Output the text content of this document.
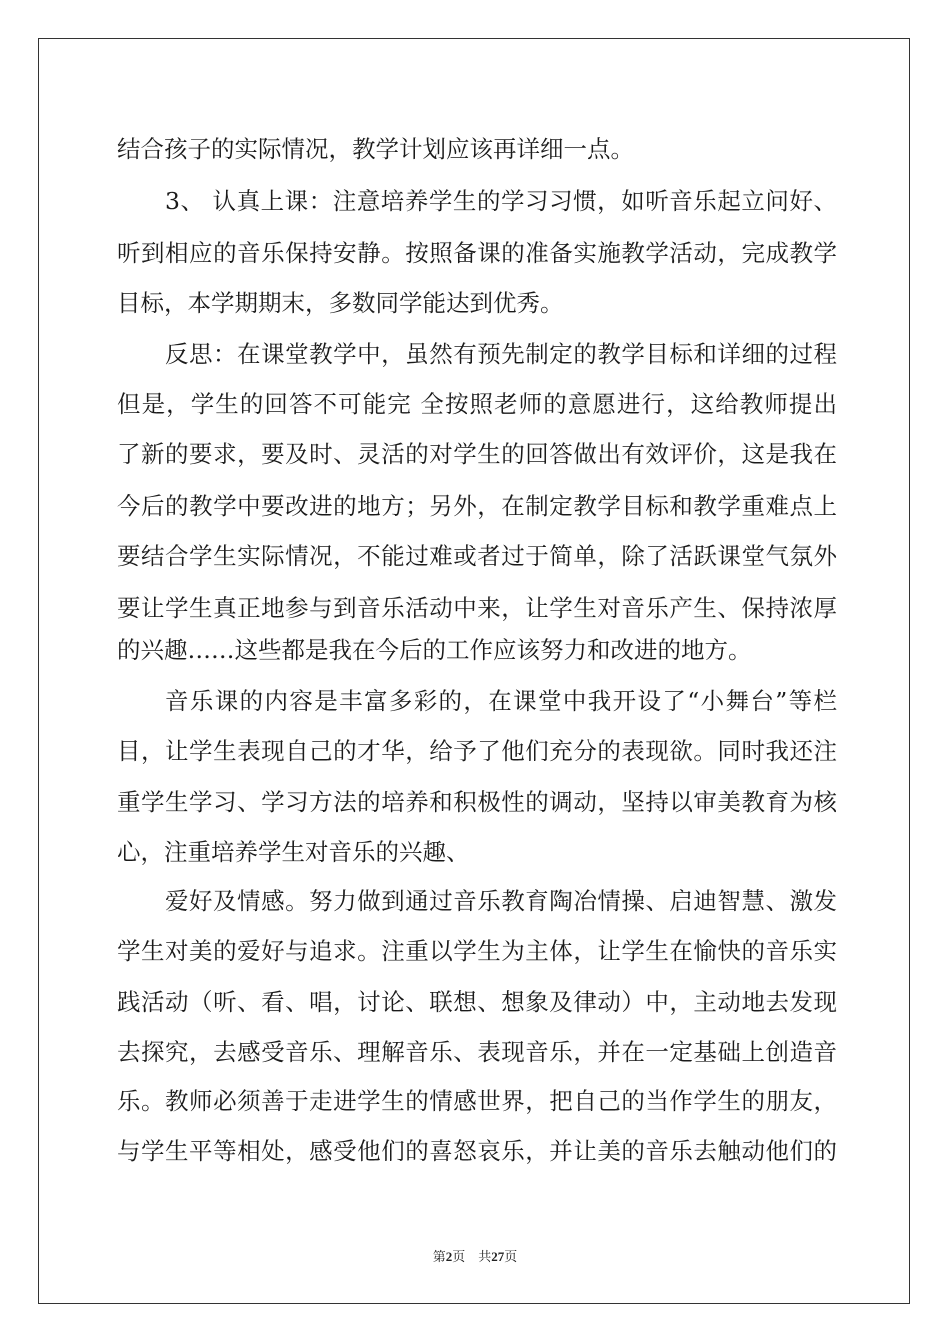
结合孩子的实际情况，教学计划应该再详细一点。
3、 认真上课：注意培养学生的学习习惯，如听音乐起立问好、
听到相应的音乐保持安静。按照备课的准备实施教学活动，完成教学
目标，本学期期末，多数同学能达到优秀。
反思：在课堂教学中，虽然有预先制定的教学目标和详细的过程
但是，学生的回答不可能完 全按照老师的意愿进行，这给教师提出
了新的要求，要及时、灵活的对学生的回答做出有效评价，这是我在
今后的教学中要改进的地方；另外，在制定教学目标和教学重难点上
要结合学生实际情况，不能过难或者过于简单，除了活跃课堂气氛外
要让学生真正地参与到音乐活动中来，让学生对音乐产生、保持浓厚
的兴趣……这些都是我在今后的工作应该努力和改进的地方。
音乐课的内容是丰富多彩的，在课堂中我开设了“小舞台”等栏
目，让学生表现自己的才华，给予了他们充分的表现欲。同时我还注
重学生学习、学习方法的培养和积极性的调动，坚持以审美教育为核
心，注重培养学生对音乐的兴趣、
爱好及情感。努力做到通过音乐教育陶冶情操、启迪智慧、激发
学生对美的爱好与追求。注重以学生为主体，让学生在愉快的音乐实
践活动（听、看、唱，讨论、联想、想象及律动）中，主动地去发现
去探究，去感受音乐、理解音乐、表现音乐，并在一定基础上创造音
乐。教师必须善于走进学生的情感世界，把自己的当作学生的朋友，
与学生平等相处，感受他们的喜怒哀乐，并让美的音乐去触动他们的
第2页　共27页
